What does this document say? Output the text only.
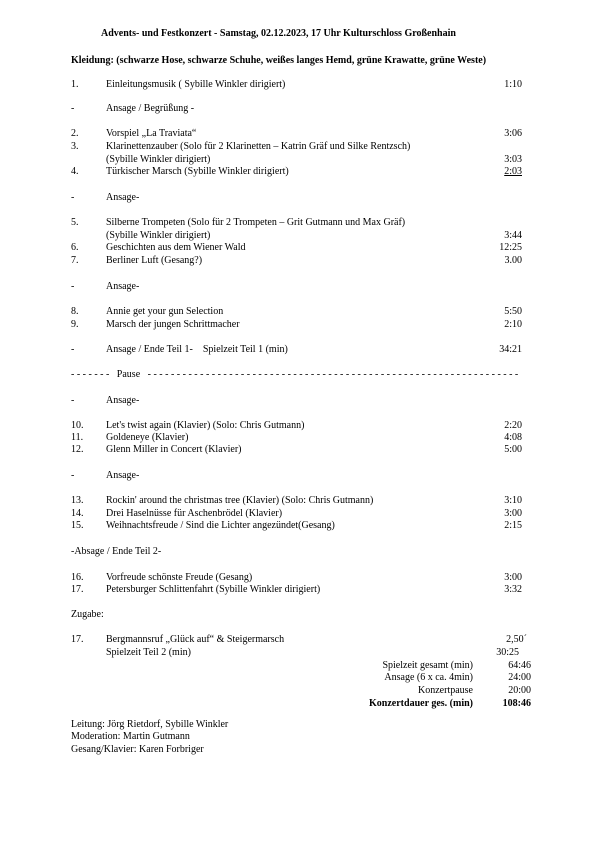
Advents- und Festkonzert - Samstag, 02.12.2023, 17 Uhr Kulturschloss Großenhain
Kleidung: (schwarze Hose, schwarze Schuhe, weißes langes Hemd, grüne Krawatte, grüne Weste)
1.	Einleitungsmusik ( Sybille Winkler dirigiert)	1:10
-	Ansage / Begrüßung -
2.	Vorspiel „La Traviata“	3:06
3.	Klarinettenzauber (Solo für 2 Klarinetten – Katrin Gräf und Silke Rentzsch)
(Sybille Winkler dirigiert)	3:03
4.	Türkischer Marsch (Sybille Winkler dirigiert)	2:03
-	Ansage-
5.	Silberne Trompeten (Solo für 2 Trompeten – Grit Gutmann und Max Gräf)
(Sybille Winkler dirigiert)	3:44
6.	Geschichten aus dem Wiener Wald	12:25
7.	Berliner Luft (Gesang?)	3.00
-	Ansage-
8.	Annie get your gun Selection	5:50
9.	Marsch der jungen Schrittmacher	2:10
-	Ansage / Ende Teil 1-    Spielzeit Teil 1 (min)	34:21
- - - - - - -   Pause   - - - - - - - - - - - - - - - - - - - - - - - - - - - - - - - - - - - - - - - - - - - - - - - - - - - - - - - - - - - - - - - -
-	Ansage-
10. Let's twist again (Klavier) (Solo: Chris Gutmann)	2:20
11. Goldeneye (Klavier)	4:08
12. Glenn Miller in Concert (Klavier)	5:00
-	Ansage-
13. Rockin' around the christmas tree (Klavier) (Solo: Chris Gutmann)	3:10
14. Drei Haselnüsse für Aschenbrödel (Klavier)	3:00
15. Weihnachtsfreude / Sind die Lichter angezündet(Gesang)	2:15
-Absage / Ende Teil 2-
16. Vorfreude schönste Freude (Gesang)	3:00
17. Petersburger Schlittenfahrt (Sybille Winkler dirigiert)	3:32
Zugabe:
17. Bergmannsruf „Glück auf“ & Steigermarsch	2,50´
Spielzeit Teil 2 (min)	30:25
Spielzeit gesamt (min)	64:46
Ansage (6 x ca. 4min)	24:00
Konzertpause	20:00
Konzertdauer ges. (min)	108:46
Leitung: Jörg Rietdorf, Sybille Winkler
Moderation: Martin Gutmann
Gesang/Klavier: Karen Forbriger
